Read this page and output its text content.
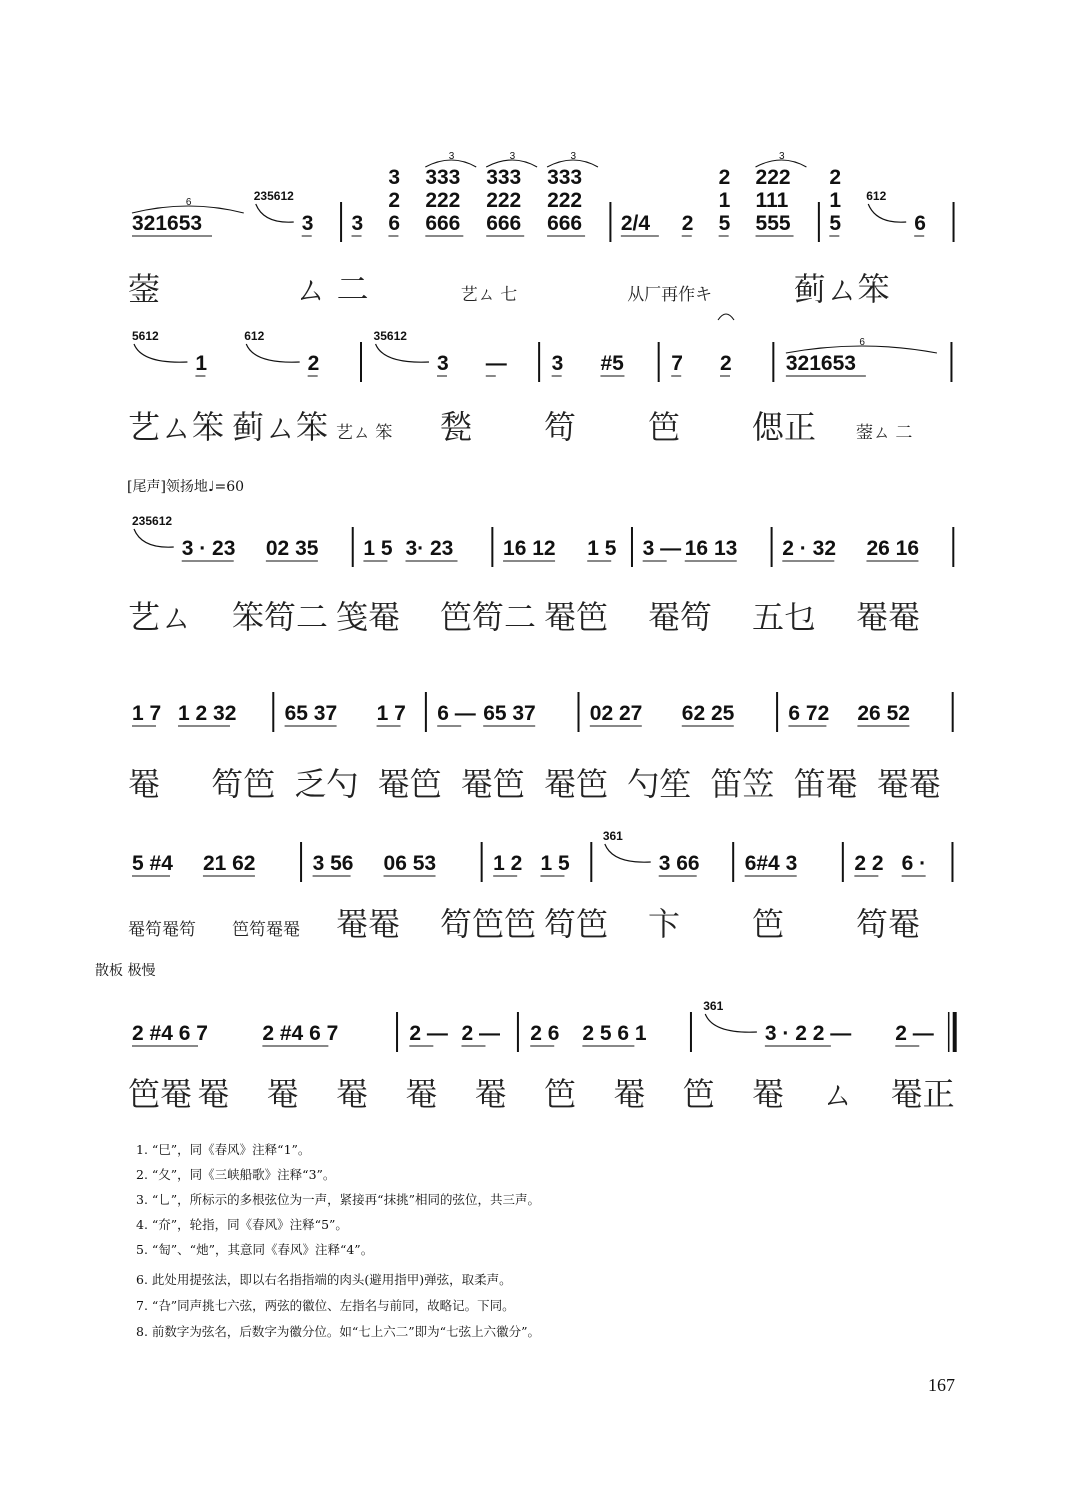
321653
6	235612
3 3 6
3
2
666
333
222
3
666
333
222
3
666
333
222
3
2/4 2 5
2
1
555
222
111
3
5
2
1 612
6
蓥	ㄙ 二	艺ㄙ 七	从厂再作キ	蓟ㄙ笨
5612
1
612
2
35612
3 — 3 #5 7 2	321653
6
艺ㄙ笨 蓟ㄙ笨 艺ㄙ 笨 甃 笱 笆 偲正 蓥ㄙ 二
235612
3 · 23 02 35 1 5 3· 23 16 12 1 5 3 — 16 13 2 · 32 26 16
艺ㄙ 笨笱二 笺罨 笆笱二 罨笆 罨笱 五乜 罨罨
1 7 1 2 32 65 37 1 7 6 — 65 37	02 27 62 25	6 72 26 52
罨 笱笆 乏勺 罨笆 罨笆 罨笆 勺笙 笛笠 笛罨 罨罨
5 #4 21 62	3 56 06 53	1 2 1 5
361
3 66 6#4 3	2 2 6 ·
罨笱罨笱 笆笱罨罨 罨罨 笱笆笆 笱笆 卞 笆 笱罨
2 #4 6 7	2 #4 6 7	2 — 2 — 2 6 2 5 6 1
361
3 · 2 2 — 2 —
笆罨 罨 罨 罨 罨 罨 笆 罨 笆 罨 ㄙ 罨正
[尾声]领扬地♩=60
散板 极慢
1. “巳”，同《春风》注释“1”。
2. “夂”，同《三峡船歌》注释“3”。
3. “乚”，所标示的多根弦位为一声，紧接再“抹挑”相同的弦位，共三声。
4. “夼”，轮指，同《春风》注释“5”。
5. “匋”、“灺”，其意同《春风》注释“4”。
6. 此处用提弦法，即以右名指指端的肉头(避用指甲)弹弦，取柔声。
7. “叴”同声挑七六弦，两弦的徽位、左指名与前同，故略记。下同。
8. 前数字为弦名，后数字为徽分位。如“七上六二”即为“七弦上六徽分”。
167
